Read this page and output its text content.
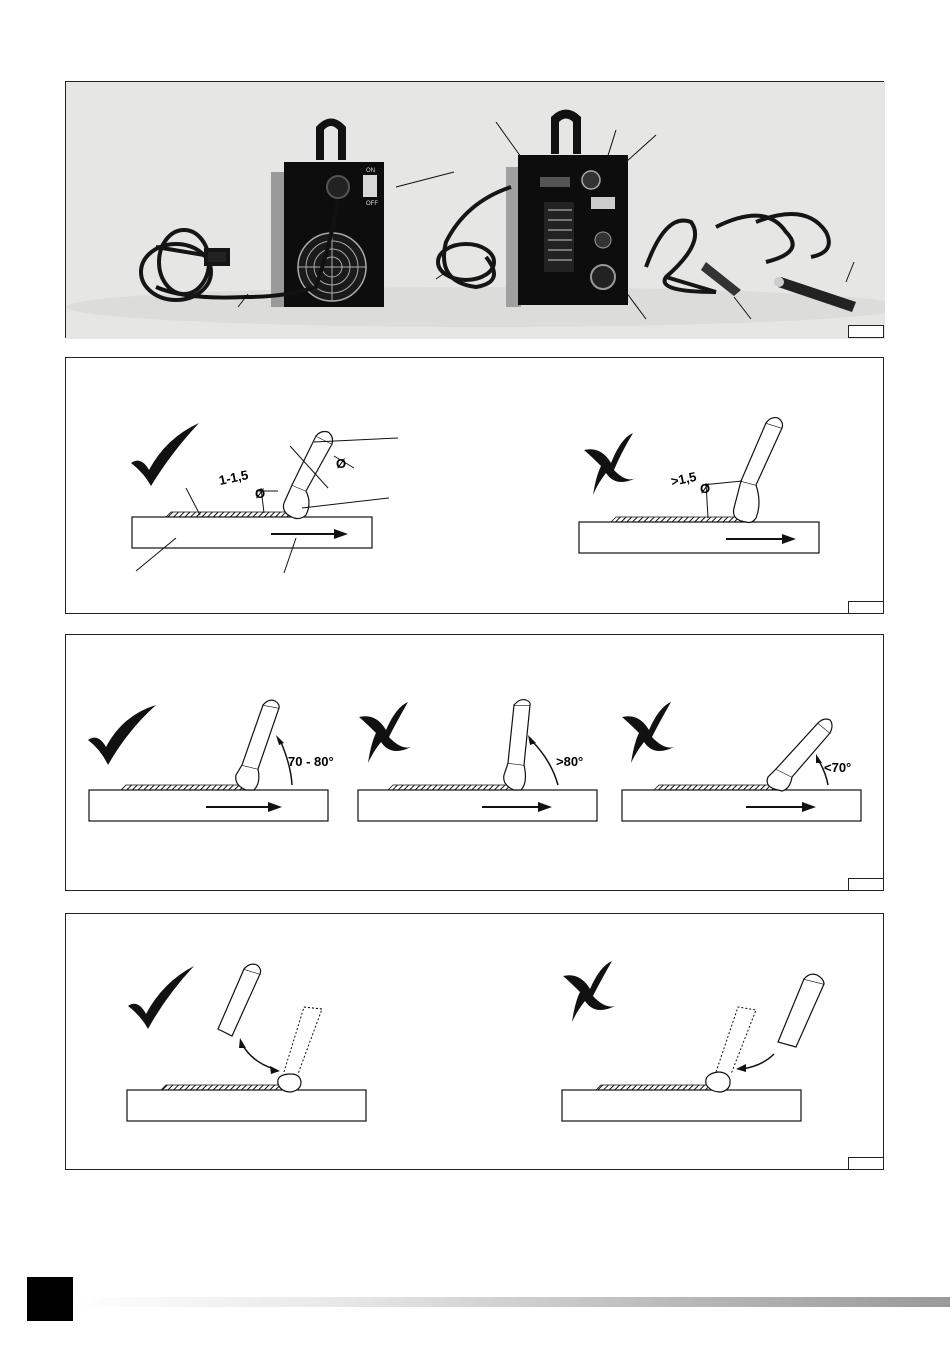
ON
OFF
1-1,5
Ø
Ø
>1,5 Ø
70 - 80°	>80°	<70°
